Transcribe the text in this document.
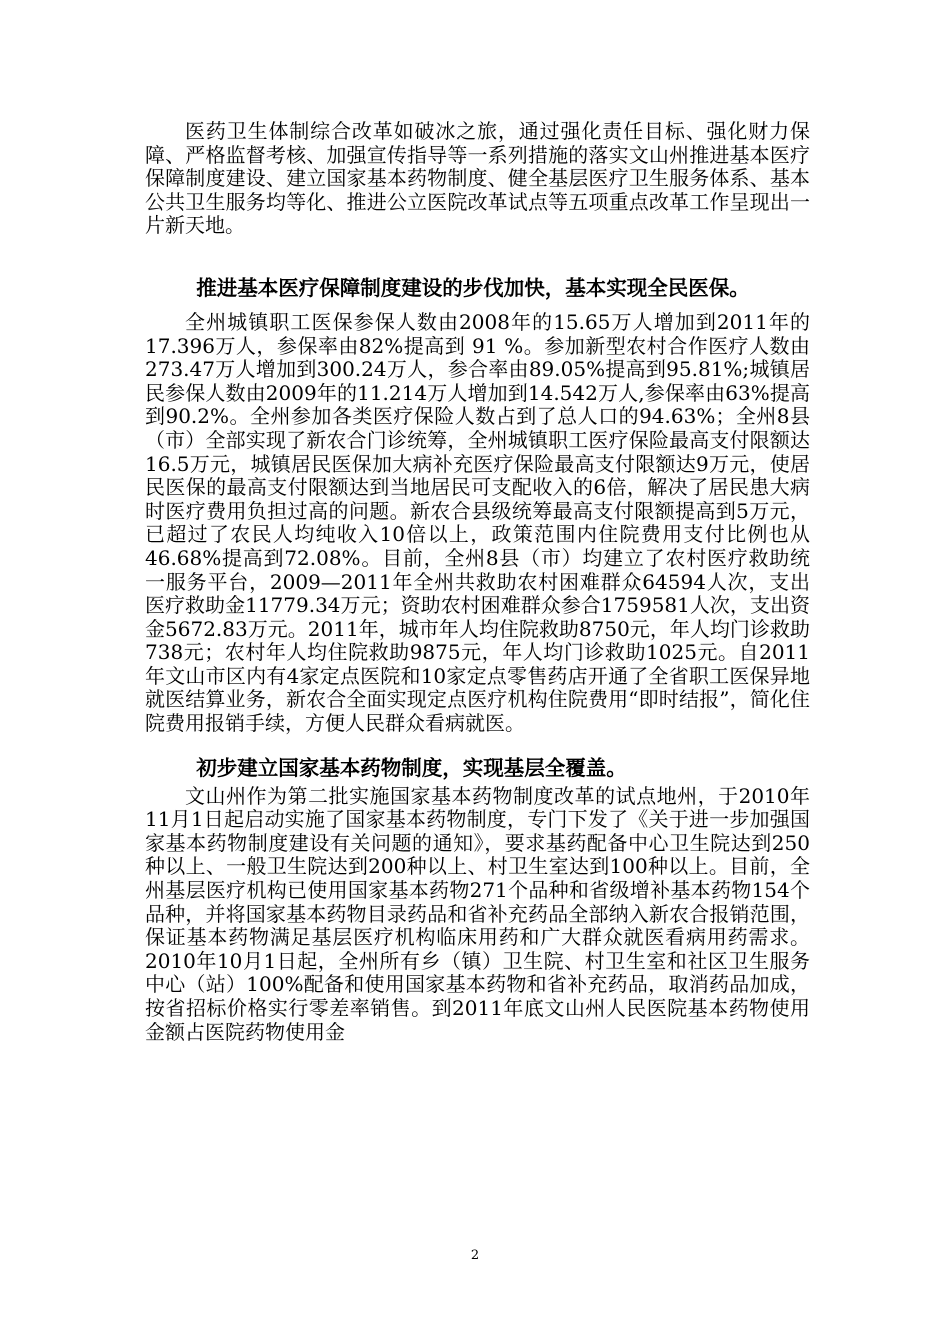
医药卫生体制综合改革如破冰之旅，通过强化责任目标、强化财力保障、严格监督考核、加强宣传指导等一系列措施的落实文山州推进基本医疗保障制度建设、建立国家基本药物制度、健全基层医疗卫生服务体系、基本公共卫生服务均等化、推进公立医院改革试点等五项重点改革工作呈现出一片新天地。

推进基本医疗保障制度建设的步伐加快，基本实现全民医保。

全州城镇职工医保参保人数由2008年的15.65万人增加到2011年的17.396万人，参保率由82%提高到 91 %。参加新型农村合作医疗人数由273.47万人增加到300.24万人，参合率由89.05%提高到95.81%;城镇居民参保人数由2009年的11.214万人增加到14.542万人,参保率由63%提高到90.2%。全州参加各类医疗保险人数占到了总人口的94.63%；全州8县（市）全部实现了新农合门诊统筹，全州城镇职工医疗保险最高支付限额达16.5万元，城镇居民医保加大病补充医疗保险最高支付限额达9万元，使居民医保的最高支付限额达到当地居民可支配收入的6倍，解决了居民患大病时医疗费用负担过高的问题。新农合县级统筹最高支付限额提高到5万元，已超过了农民人均纯收入10倍以上，政策范围内住院费用支付比例也从46.68%提高到72.08%。目前，全州8县（市）均建立了农村医疗救助统一服务平台，2009—2011年全州共救助农村困难群众64594人次，支出医疗救助金11779.34万元；资助农村困难群众参合1759581人次，支出资金5672.83万元。2011年，城市年人均住院救助8750元，年人均门诊救助738元；农村年人均住院救助9875元，年人均门诊救助1025元。自2011年文山市区内有4家定点医院和10家定点零售药店开通了全省职工医保异地就医结算业务，新农合全面实现定点医疗机构住院费用“即时结报”，简化住院费用报销手续，方便人民群众看病就医。

初步建立国家基本药物制度，实现基层全覆盖。

文山州作为第二批实施国家基本药物制度改革的试点地州，于2010年11月1日起启动实施了国家基本药物制度，专门下发了《关于进一步加强国家基本药物制度建设有关问题的通知》，要求基药配备中心卫生院达到250种以上、一般卫生院达到200种以上、村卫生室达到100种以上。目前，全州基层医疗机构已使用国家基本药物271个品种和省级增补基本药物154个品种，并将国家基本药物目录药品和省补充药品全部纳入新农合报销范围，保证基本药物满足基层医疗机构临床用药和广大群众就医看病用药需求。2010年10月1日起，全州所有乡（镇）卫生院、村卫生室和社区卫生服务中心（站）100%配备和使用国家基本药物和省补充药品，取消药品加成，按省招标价格实行零差率销售。到2011年底文山州人民医院基本药物使用金额占医院药物使用金

2
